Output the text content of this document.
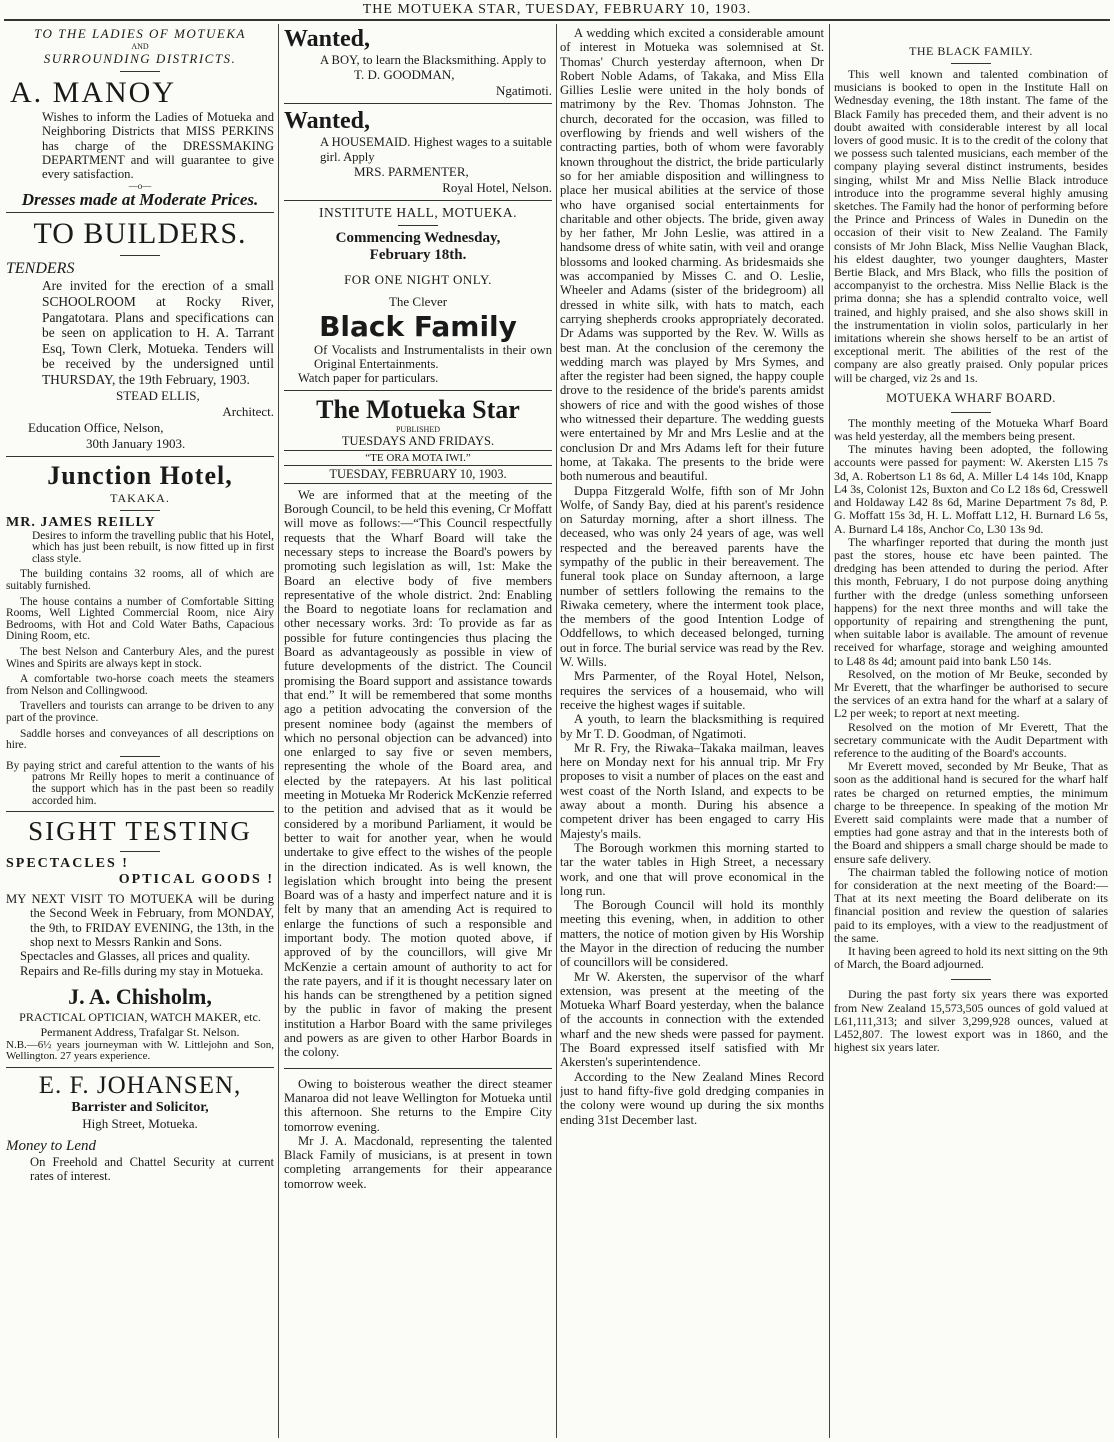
THE MOTUEKA STAR, TUESDAY, FEBRUARY 10, 1903.
TO THE LADIES OF MOTUEKA
AND
SURROUNDING DISTRICTS.
A. MANOY

Wishes to inform the Ladies of Motueka and Neighboring Districts that MISS PERKINS has charge of the DRESSMAKING DEPARTMENT and will guarantee to give every satisfaction.

—o—
Dresses made at Moderate Prices.
TO BUILDERS.
TENDERS

Are invited for the erection of a small SCHOOLROOM at Rocky River, Pangatotara. Plans and specifications can be seen on application to H. A. Tarrant Esq, Town Clerk, Motueka. Tenders will be received by the undersigned until THURSDAY, the 19th February, 1903.

STEAD ELLIS,
Architect.
Education Office, Nelson,
30th January 1903.
Junction Hotel,
TAKAKA.
MR. JAMES REILLY

Desires to inform the travelling public that his Hotel, which has just been rebuilt, is now fitted up in first class style.

The building contains 32 rooms, all of which are suitably furnished.

The house contains a number of Comfortable Sitting Rooms, Well Lighted Commercial Room, nice Airy Bedrooms, with Hot and Cold Water Baths, Capacious Dining Room, etc.

The best Nelson and Canterbury Ales, and the purest Wines and Spirits are always kept in stock.

A comfortable two-horse coach meets the steamers from Nelson and Collingwood.

Travellers and tourists can arrange to be driven to any part of the province.

Saddle horses and conveyances of all descriptions on hire.

By paying strict and careful attention to the wants of his patrons Mr Reilly hopes to merit a continuance of the support which has in the past been so readily accorded him.

SIGHT TESTING
SPECTACLES !
OPTICAL GOODS !

MY NEXT VISIT TO MOTUEKA will be during the Second Week in February, from MONDAY, the 9th, to FRIDAY EVENING, the 13th, in the shop next to Messrs Rankin and Sons.

Spectacles and Glasses, all prices and quality.

Repairs and Re-fills during my stay in Motueka.

J. A. Chisholm,
PRACTICAL OPTICIAN, WATCH MAKER, etc.
Permanent Address, Trafalgar St. Nelson.

N.B.—6½ years journeyman with W. Littlejohn and Son, Wellington. 27 years experience.

E. F. JOHANSEN,
Barrister and Solicitor,
High Street, Motueka.
Money to Lend

On Freehold and Chattel Security at current rates of interest.

Wanted,

A BOY, to learn the Blacksmithing. Apply to

T. D. GOODMAN,
Ngatimoti.
Wanted,

A HOUSEMAID. Highest wages to a suitable girl. Apply

MRS. PARMENTER,
Royal Hotel, Nelson.
INSTITUTE HALL, MOTUEKA.
Commencing Wednesday, February 18th.
FOR ONE NIGHT ONLY.
The Clever
Black Family

Of Vocalists and Instrumentalists in their own Original Entertainments.

Watch paper for particulars.

The Motueka Star
PUBLISHED
TUESDAYS AND FRIDAYS.
“TE ORA MOTA IWI.”
TUESDAY, FEBRUARY 10, 1903.

We are informed that at the meeting of the Borough Council, to be held this evening, Cr Moffatt will move as follows:—“This Council respectfully requests that the Wharf Board will take the necessary steps to increase the Board's powers by promoting such legislation as will, 1st: Make the Board an elective body of five members representative of the whole district. 2nd: Enabling the Board to negotiate loans for reclamation and other necessary works. 3rd: To provide as far as possible for future contingencies thus placing the Board as advantageously as possible in view of future developments of the district. The Council promising the Board support and assistance towards that end.” It will be remembered that some months ago a petition advocating the conversion of the present nominee body (against the members of which no personal objection can be advanced) into one enlarged to say five or seven members, representing the whole of the Board area, and elected by the ratepayers. At his last political meeting in Motueka Mr Roderick McKenzie referred to the petition and advised that as it would be considered by a moribund Parliament, it would be better to wait for another year, when he would undertake to give effect to the wishes of the people in the direction indicated. As is well known, the legislation which brought into being the present Board was of a hasty and imperfect nature and it is felt by many that an amending Act is required to enlarge the functions of such a responsible and important body. The motion quoted above, if approved of by the councillors, will give Mr McKenzie a certain amount of authority to act for the rate payers, and if it is thought necessary later on his hands can be strengthened by a petition signed by the public in favor of making the present institution a Harbor Board with the same privileges and powers as are given to other Harbor Boards in the colony.

Owing to boisterous weather the direct steamer Manaroa did not leave Wellington for Motueka until this afternoon. She returns to the Empire City tomorrow evening.

Mr J. A. Macdonald, representing the talented Black Family of musicians, is at present in town completing arrangements for their appearance tomorrow week.

A wedding which excited a considerable amount of interest in Motueka was solemnised at St. Thomas' Church yesterday afternoon, when Dr Robert Noble Adams, of Takaka, and Miss Ella Gillies Leslie were united in the holy bonds of matrimony by the Rev. Thomas Johnston. The church, decorated for the occasion, was filled to overflowing by friends and well wishers of the contracting parties, both of whom were favorably known throughout the district, the bride particularly so for her amiable disposition and willingness to place her musical abilities at the service of those who have organised social entertainments for charitable and other objects. The bride, given away by her father, Mr John Leslie, was attired in a handsome dress of white satin, with veil and orange blossoms and looked charming. As bridesmaids she was accompanied by Misses C. and O. Leslie, Wheeler and Adams (sister of the bridegroom) all dressed in white silk, with hats to match, each carrying shepherds crooks appropriately decorated. Dr Adams was supported by the Rev. W. Wills as best man. At the conclusion of the ceremony the wedding march was played by Mrs Symes, and after the register had been signed, the happy couple drove to the residence of the bride's parents amidst showers of rice and with the good wishes of those who witnessed their departure. The wedding guests were entertained by Mr and Mrs Leslie and at the conclusion Dr and Mrs Adams left for their future home, at Takaka. The presents to the bride were both numerous and beautiful.

Duppa Fitzgerald Wolfe, fifth son of Mr John Wolfe, of Sandy Bay, died at his parent's residence on Saturday morning, after a short illness. The deceased, who was only 24 years of age, was well respected and the bereaved parents have the sympathy of the public in their bereavement. The funeral took place on Sunday afternoon, a large number of settlers following the remains to the Riwaka cemetery, where the interment took place, the members of the good Intention Lodge of Oddfellows, to which deceased belonged, turning out in force. The burial service was read by the Rev. W. Wills.

Mrs Parmenter, of the Royal Hotel, Nelson, requires the services of a housemaid, who will receive the highest wages if suitable.

A youth, to learn the blacksmithing is required by Mr T. D. Goodman, of Ngatimoti.

Mr R. Fry, the Riwaka–Takaka mailman, leaves here on Monday next for his annual trip. Mr Fry proposes to visit a number of places on the east and west coast of the North Island, and expects to be away about a month. During his absence a competent driver has been engaged to carry His Majesty's mails.

The Borough workmen this morning started to tar the water tables in High Street, a necessary work, and one that will prove economical in the long run.

The Borough Council will hold its monthly meeting this evening, when, in addition to other matters, the notice of motion given by His Worship the Mayor in the direction of reducing the number of councillors will be considered.

Mr W. Akersten, the supervisor of the wharf extension, was present at the meeting of the Motueka Wharf Board yesterday, when the balance of the accounts in connection with the extended wharf and the new sheds were passed for payment. The Board expressed itself satisfied with Mr Akersten's superintendence.

According to the New Zealand Mines Record just to hand fifty-five gold dredging companies in the colony were wound up during the six months ending 31st December last.

THE BLACK FAMILY.

This well known and talented combination of musicians is booked to open in the Institute Hall on Wednesday evening, the 18th instant. The fame of the Black Family has preceded them, and their advent is no doubt awaited with considerable interest by all local lovers of good music. It is to the credit of the colony that we possess such talented musicians, each member of the company playing several distinct instruments, besides singing, whilst Mr and Miss Nellie Black introduce introduce into the programme several highly amusing sketches. The Family had the honor of performing before the Prince and Princess of Wales in Dunedin on the occasion of their visit to New Zealand. The Family consists of Mr John Black, Miss Nellie Vaughan Black, his eldest daughter, two younger daughters, Master Bertie Black, and Mrs Black, who fills the position of accompanyist to the orchestra. Miss Nellie Black is the prima donna; she has a splendid contralto voice, well trained, and highly praised, and she also shows skill in the instrumentation in violin solos, particularly in her imitations wherein she shows herself to be an artist of exceptional merit. The abilities of the rest of the company are also greatly praised. Only popular prices will be charged, viz 2s and 1s.

MOTUEKA WHARF BOARD.

The monthly meeting of the Motueka Wharf Board was held yesterday, all the members being present.

The minutes having been adopted, the following accounts were passed for payment: W. Akersten L15 7s 3d, A. Robertson L1 8s 6d, A. Miller L4 14s 10d, Knapp L4 3s, Colonist 12s, Buxton and Co L2 18s 6d, Cresswell and Holdaway L42 8s 6d, Marine Department 7s 8d, P. G. Moffatt 15s 3d, H. L. Moffatt L12, H. Burnard L6 5s, A. Burnard L4 18s, Anchor Co, L30 13s 9d.

The wharfinger reported that during the month just past the stores, house etc have been painted. The dredging has been attended to during the period. After this month, February, I do not purpose doing anything further with the dredge (unless something unforseen happens) for the next three months and will take the opportunity of repairing and strengthening the punt, when suitable labor is available. The amount of revenue received for wharfage, storage and weighing amounted to L48 8s 4d; amount paid into bank L50 14s.

Resolved, on the motion of Mr Beuke, seconded by Mr Everett, that the wharfinger be authorised to secure the services of an extra hand for the wharf at a salary of L2 per week; to report at next meeting.

Resolved on the motion of Mr Everett, That the secretary communicate with the Audit Department with reference to the auditing of the Board's accounts.

Mr Everett moved, seconded by Mr Beuke, That as soon as the additional hand is secured for the wharf half rates be charged on returned empties, the minimum charge to be threepence. In speaking of the motion Mr Everett said complaints were made that a number of empties had gone astray and that in the interests both of the Board and shippers a small charge should be made to ensure safe delivery.

The chairman tabled the following notice of motion for consideration at the next meeting of the Board:—That at its next meeting the Board deliberate on its financial position and review the question of salaries paid to its employes, with a view to the readjustment of the same.

It having been agreed to hold its next sitting on the 9th of March, the Board adjourned.

During the past forty six years there was exported from New Zealand 15,573,505 ounces of gold valued at L61,111,313; and silver 3,299,928 ounces, valued at L452,807. The lowest export was in 1860, and the highest six years later.
